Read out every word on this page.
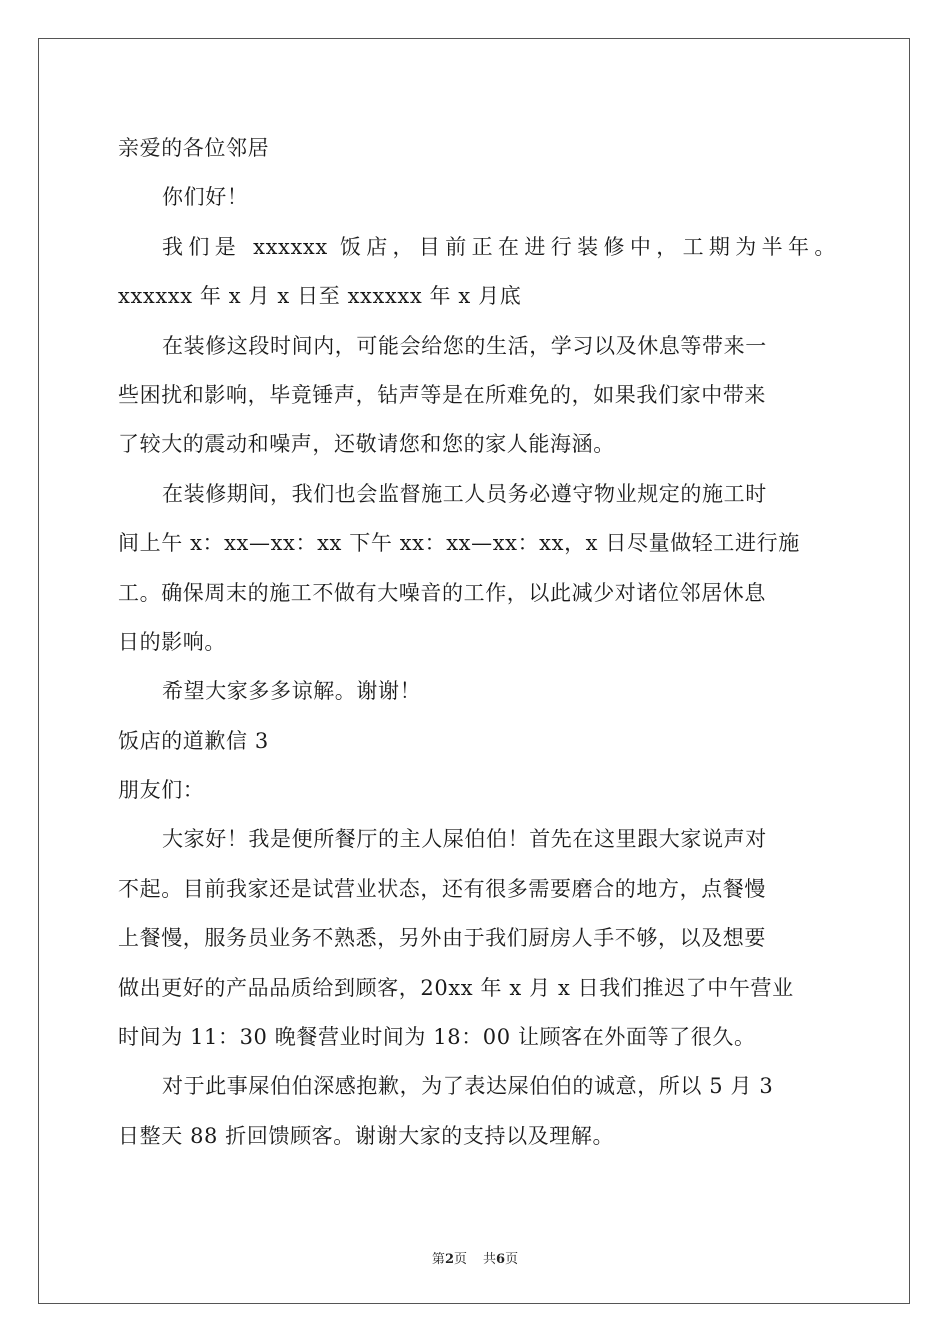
亲爱的各位邻居
你们好！
我们是 xxxxxx 饭店，目前正在进行装修中，工期为半年。
xxxxxx 年 x 月 x 日至 xxxxxx 年 x 月底
在装修这段时间内，可能会给您的生活，学习以及休息等带来一
些困扰和影响，毕竟锤声，钻声等是在所难免的，如果我们家中带来
了较大的震动和噪声，还敬请您和您的家人能海涵。
在装修期间，我们也会监督施工人员务必遵守物业规定的施工时
间上午 x：xx—xx：xx 下午 xx：xx—xx：xx，x 日尽量做轻工进行施
工。确保周末的施工不做有大噪音的工作，以此减少对诸位邻居休息
日的影响。
希望大家多多谅解。谢谢！
饭店的道歉信 3
朋友们：
大家好！我是便所餐厅的主人屎伯伯！首先在这里跟大家说声对
不起。目前我家还是试营业状态，还有很多需要磨合的地方，点餐慢
上餐慢，服务员业务不熟悉，另外由于我们厨房人手不够，以及想要
做出更好的产品品质给到顾客，20xx 年 x 月 x 日我们推迟了中午营业
时间为 11：30 晚餐营业时间为 18：00 让顾客在外面等了很久。
对于此事屎伯伯深感抱歉，为了表达屎伯伯的诚意，所以 5 月 3
日整天 88 折回馈顾客。谢谢大家的支持以及理解。
第2页 共6页
